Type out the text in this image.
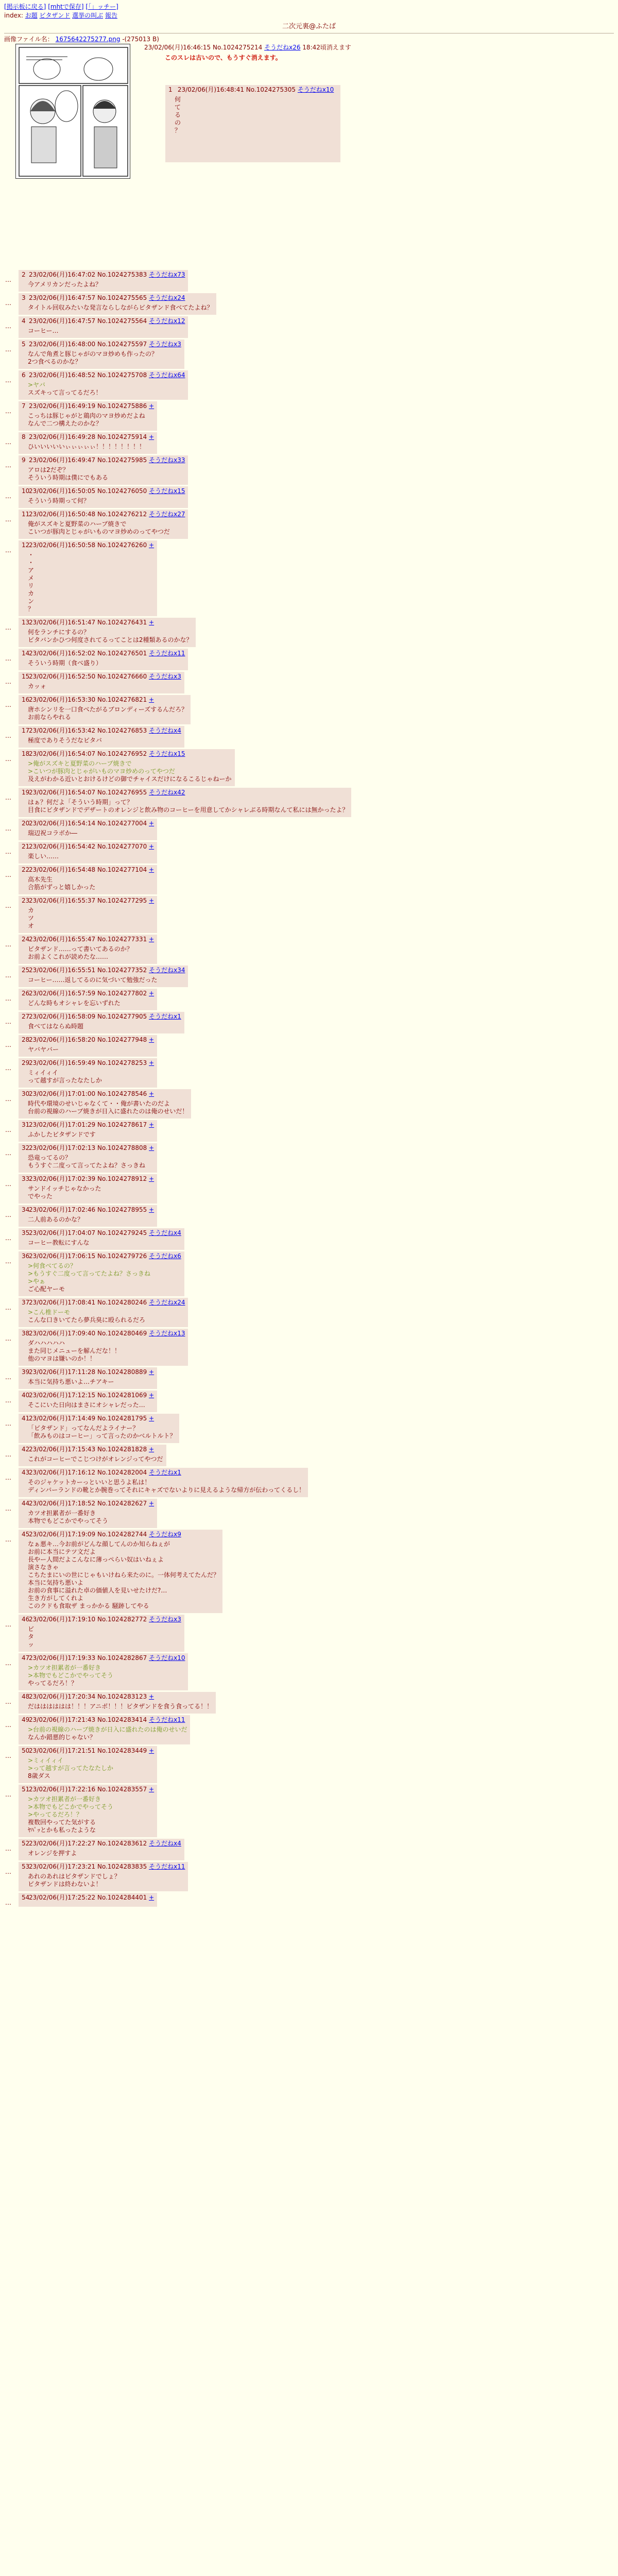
[掲示板に戻る] [mhtで保存] [「」ッチー]
index: お題 ビタザンド 選挙の叫ぶ 報告
二次元裏@ふたば
画像ファイル名： 1675642275277.png -(275013 B)
23/02/06(月)16:46:15 No.1024275214 そうだねx26 18:42頃消えます
このスレは古いので、もうすぐ消えます。
1 23/02/06(月)16:48:41 No.1024275305 そうだねx10
何
て
る
の
？
…
2 23/02/06(月)16:47:02 No.1024275383 そうだねx73
今アメリカンだったよね？
…
3 23/02/06(月)16:47:57 No.1024275565 そうだねx24
タイトル回収みたいな発言ならしながらビタザンド食べてたよね？
…
4 23/02/06(月)16:47:57 No.1024275564 そうだねx12
コーヒー…
…
5 23/02/06(月)16:48:00 No.1024275597 そうだねx3
なんで角煮と豚じゃがのマヨ炒めも作ったの？
2つ食べるのかな？
…
6 23/02/06(月)16:48:52 No.1024275708 そうだねx64
>ヤバ
スズキって言ってるだろ！
…
7 23/02/06(月)16:49:19 No.1024275886 +
こっちは豚じゃがと鶏肉のマヨ炒めだよね
なんで二つ構えたのかな？
…
8 23/02/06(月)16:49:28 No.1024275914 +
ひいいいいいぃぃぃぃぃ！！！！！！！！
…
9 23/02/06(月)16:49:47 No.1024275985 そうだねx33
アロは2だぞ？
そういう時期は僕にでもある
…
1023/02/06(月)16:50:05 No.1024276050 そうだねx15
そういう時期って何？
…
1123/02/06(月)16:50:48 No.1024276212 そうだねx27
俺がスズキと夏野菜のハーブ焼きで
こいつが豚肉とじゃがいものマヨ炒めのってやつだ
…
1223/02/06(月)16:50:58 No.1024276260 +
・
・
ア
メ
リ
カ
ン
？
…
1323/02/06(月)16:51:47 No.1024276431 +
何をランチにするの？
ビタバンかひつ何度されてるってことは2種類あるのかな？
…
1423/02/06(月)16:52:02 No.1024276501 そうだねx11
そういう時期（食べ盛り）
…
1523/02/06(月)16:52:50 No.1024276660 そうだねx3
カッォ
…
1623/02/06(月)16:53:30 No.1024276821 +
唐ホシンリを一口食べたがるブロンディーズするんだろ？
お前ならやれる
…
1723/02/06(月)16:53:42 No.1024276853 そうだねx4
極度でありそうだなビタバ
…
1823/02/06(月)16:54:07 No.1024276952 そうだねx15
>俺がスズキと夏野菜のハーブ焼きで
>こいつが豚肉とじゃがいものマヨ炒めのってやつだ
及えがわかる近いとおけるけどの御でチャイスだけになるこるじゃねーか
…
1923/02/06(月)16:54:07 No.1024276955 そうだねx42
はぁ？何だよ「そういう時期」って？
目食にビタザンドでデザートのオレンジと飲み物のコーヒーを用意してかシャレぶる時期なんて私には無かったよ？
…
2023/02/06(月)16:54:14 No.1024277004 +
瑞辺祝コラボか―
…
2123/02/06(月)16:54:42 No.1024277070 +
楽しい……
…
2223/02/06(月)16:54:48 No.1024277104 +
高木先生
合筋がずっと嬉しかった
…
2323/02/06(月)16:55:37 No.1024277295 +
カ
ツ
オ
…
2423/02/06(月)16:55:47 No.1024277331 +
ビタザンド……って書いてあるのか？
お前よくこれが読めたな……
…
2523/02/06(月)16:55:51 No.1024277352 そうだねx34
コーヒー……返してるのに気づいて勉強だった
…
2623/02/06(月)16:57:59 No.1024277802 +
どんな時もオシャレを忘いずれた
…
2723/02/06(月)16:58:09 No.1024277905 そうだねx1
食べてはならぬ時題
…
2823/02/06(月)16:58:20 No.1024277948 +
ヤバヤバー
…
2923/02/06(月)16:59:49 No.1024278253 +
ミィイィイ
って越すが言ったなたしか
…
3023/02/06(月)17:01:00 No.1024278546 +
時代や環境のせいじゃなくて・・俺が書いたのだよ
台前の視線のハーブ焼きが日入に盛れたのは俺のせいだ！
…
3123/02/06(月)17:01:29 No.1024278617 +
ふかしたビタザンドです
…
3223/02/06(月)17:02:13 No.1024278808 +
恐竜ってるの？
もうすぐ二度って言ってたよね？さっきね
…
3323/02/06(月)17:02:39 No.1024278912 +
サンドイッチじゃなかった
でやった
…
3423/02/06(月)17:02:46 No.1024278955 +
二人前あるのかな？
…
3523/02/06(月)17:04:07 No.1024279245 そうだねx4
コーヒー教転にすんな
…
3623/02/06(月)17:06:15 No.1024279726 そうだねx6
>何食べてるの？
>もうすぐ二度って言ってたよね？さっきね
>やぁ
ご心配ヤーモ
…
3723/02/06(月)17:08:41 No.1024280246 そうだねx24
>こん椎ドーモ
こんな口きいてたら夢兵臭に殴られるだろ
…
3823/02/06(月)17:09:40 No.1024280469 そうだねx13
ダハハハハハ
また同じメニューを解んだな！！
他のマヨは嫌いのか！！
…
3923/02/06(月)17:11:28 No.1024280889 +
本当に気持ち悪いよ…チアキー
…
4023/02/06(月)17:12:15 No.1024281069 +
そこにいた日向はまさにオシャレだった…
…
4123/02/06(月)17:14:49 No.1024281795 +
「ビタザンド」ってなんだよライナー？
「飲みものはコーヒー」って言ったのかベルトルト？
…
4223/02/06(月)17:15:43 No.1024281828 +
これがコーヒーでこじつけがオレンジってやつだ
…
4323/02/06(月)17:16:12 No.1024282004 そうだねx1
そのジャケットカーっといいと思うよ私は！
ディンバーランドの靴とか腕巻ってそれにキャズでないよりに見えるような帰方が伝わってくるし！
…
4423/02/06(月)17:18:52 No.1024282627 +
カツオ担累者が一番好き
本物でもどこかでやってそう
…
4523/02/06(月)17:19:09 No.1024282744 そうだねx9
なぁ悪キ…今お前がどんな顔してんのか知らねぇが
お前に本当にテツ文だよ
長やー人間だよこんなに薄っぺらい奴はいねぇよ
演さなきゃ
こちたまにいの世にじゃもいけねら来たのに。一体何考えてたんだ？
本当に気持ち悪いよ
お前の食事に溢れた卓の価値人を見いせたけだ?…
生き方がしてくれよ
このクドも食取ザ まっかかる 騒跡してやる
…
4623/02/06(月)17:19:10 No.1024282772 そうだねx3
ビ
タ
ッ
…
4723/02/06(月)17:19:33 No.1024282867 そうだねx10
>カツオ担累者が一番好き
>本物でもどこかでやってそう
やってるだろ！？
…
4823/02/06(月)17:20:34 No.1024283123 +
だはははははは！！！アニポ！！！ビタザンドを食う食ってる！！
…
4923/02/06(月)17:21:43 No.1024283414 そうだねx11
>台前の視線のハーブ焼きが日入に盛れたのは俺のせいだ
なんか錯悪的じゃない？
…
5023/02/06(月)17:21:51 No.1024283449 +
>ミィイィイ
>って越すが言ってたなたしか
8歳ダス
…
5123/02/06(月)17:22:16 No.1024283557 +
>カツオ担累者が一番好き
>本物でもどこかでやってそう
>やってるだろ！？
複数回やってた気がする
ﾔﾊﾟｯとかも私ったような
…
5223/02/06(月)17:22:27 No.1024283612 そうだねx4
オレンジを押すよ
…
5323/02/06(月)17:23:21 No.1024283835 そうだねx11
あれのあれはビタザンドでしょ？
ビタザンドは終わないよ！
…
5423/02/06(月)17:25:22 No.1024284401 +
